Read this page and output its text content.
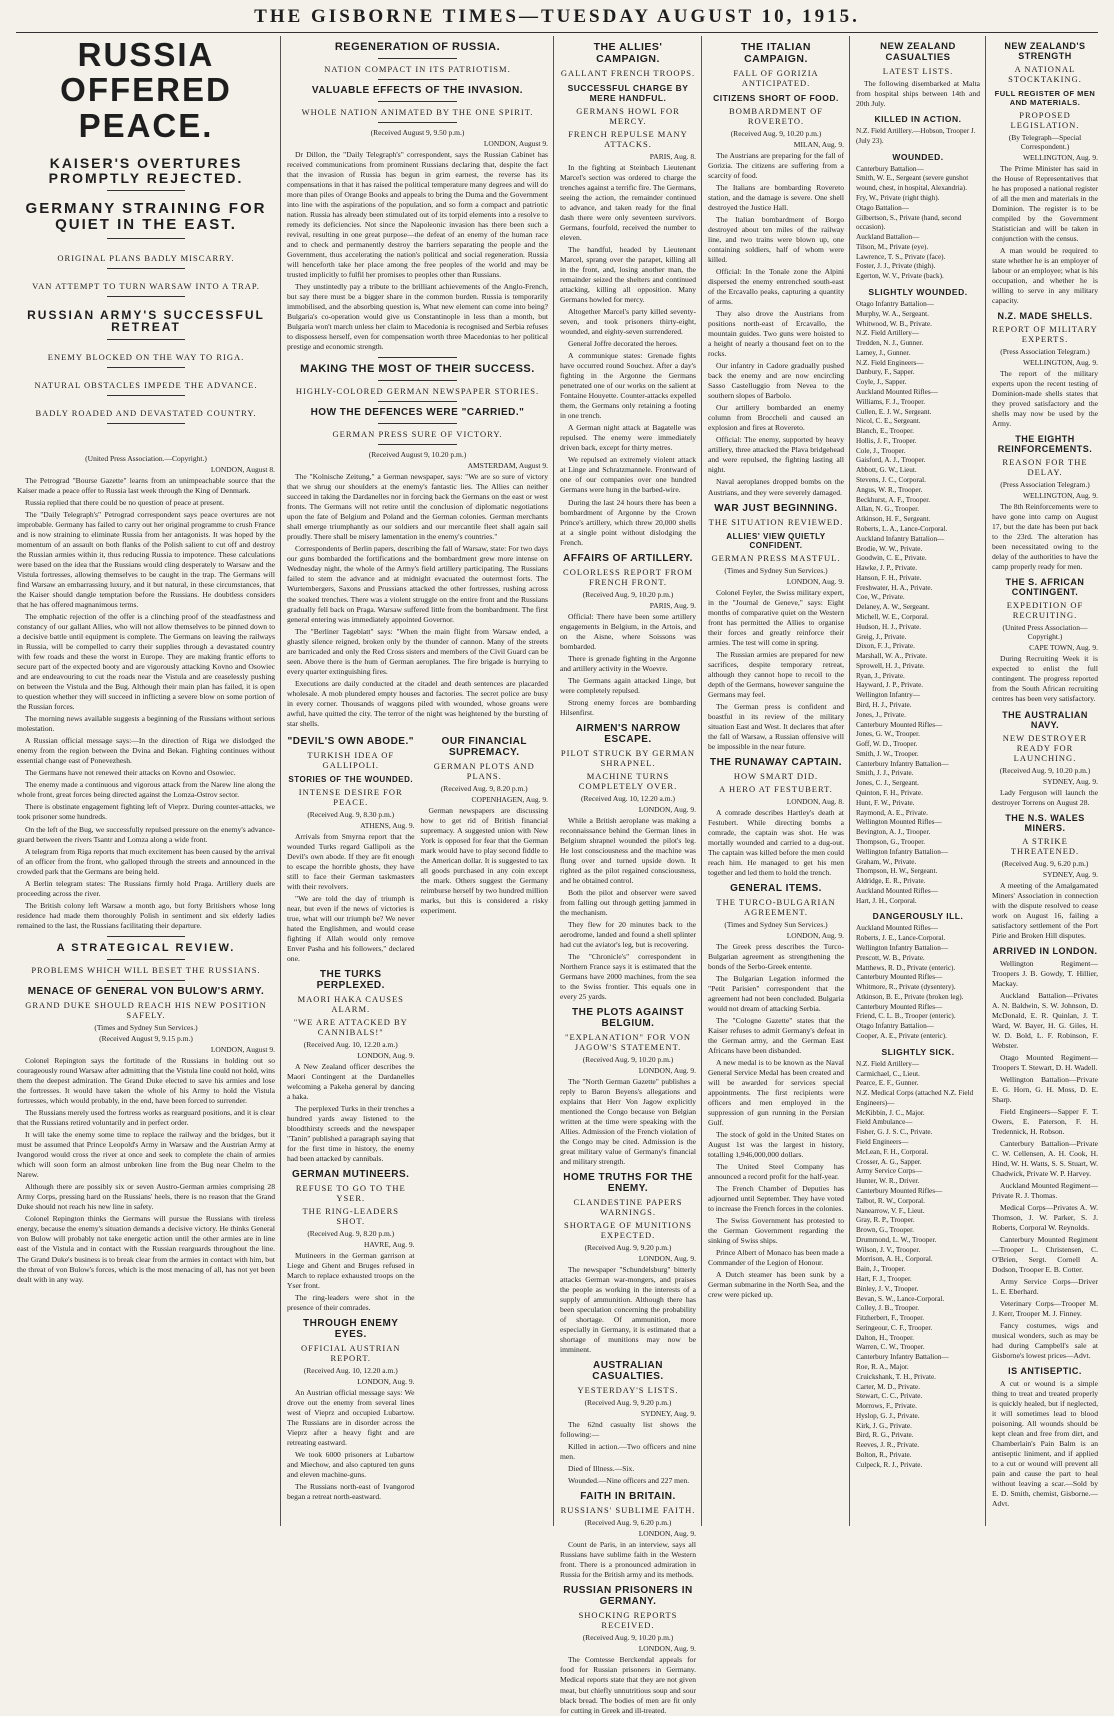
THE GISBORNE TIMES—TUESDAY AUGUST 10, 1915.
RUSSIA OFFERED
PEACE.
KAISER'S OVERTURES PROMPTLY REJECTED.
GERMANY STRAINING FOR QUIET IN THE EAST.
ORIGINAL PLANS BADLY MISCARRY.
VAN ATTEMPT TO TURN WARSAW INTO A TRAP.
RUSSIAN ARMY'S SUCCESSFUL RETREAT
ENEMY BLOCKED ON THE WAY TO RIGA.
NATURAL OBSTACLES IMPEDE THE ADVANCE.
BADLY ROADED AND DEVASTATED COUNTRY.
(United Press Association.—Copyright.)
LONDON, August 8.

The Petrograd "Bourse Gazette" learns from an unimpeachable source that the Kaiser made a peace offer to Russia last week through the King of Denmark.

Russia replied that there could be no question of peace at present.

The "Daily Telegraph's" Petrograd correspondent says peace overtures are not improbable. Germany has failed to carry out her original programme to crush France and is now straining to eliminate Russia from her antagonists. It was hoped by the momentum of an assault on both flanks of the Polish salient to cut off and destroy the Russian armies within it, thus reducing Russia to impotence. These calculations were based on the idea that the Russians would cling desperately to Warsaw and the Vistula fortresses, allowing themselves to be caught in the trap. The Germans will find Warsaw an embarrassing luxury, and it but natural, in these circumstances, that the Kaiser should dangle temptation before the Russians. He doubtless considers that he has offered magnanimous terms.

The emphatic rejection of the offer is a clinching proof of the steadfastness and constancy of our gallant Allies, who will not allow themselves to be pinned down to a decisive battle until equipment is complete. The Germans on leaving the railways in Russia, will be compelled to carry their supplies through a devastated country with few roads and these the worst in Europe. They are making frantic efforts to secure part of the expected booty and are vigorously attacking Kovno and Osowiec and are endeavouring to cut the roads near the Vistula and are ceaselessly pushing on between the Vistula and the Bug. Although their main plan has failed, it is open to question whether they will succeed in inflicting a severe blow on some portion of the Russian forces.

The morning news available suggests a beginning of the Russians without serious molestation.

A Russian official message says:—In the direction of Riga we dislodged the enemy from the region between the Dvina and Bekan. Fighting continues without essential change east of Ponevezhesh.

The Germans have not renewed their attacks on Kovno and Osowiec.

The enemy made a continuous and vigorous attack from the Narew line along the whole front, great forces being directed against the Lomza-Ostrov sector.

There is obstinate engagement fighting left of Vieprz. During counter-attacks, we took prisoner some hundreds.

On the left of the Bug, we successfully repulsed pressure on the enemy's advance-guard between the rivers Tsantr and Lomza along a wide front.

A telegram from Riga reports that much excitement has been caused by the arrival of an officer from the front, who galloped through the streets and announced in the crowded park that the Germans are being held.

A Berlin telegram states: The Russians firmly hold Praga. Artillery duels are proceeding across the river.

The British colony left Warsaw a month ago, but forty Britishers whose long residence had made them thoroughly Polish in sentiment and six elderly ladies remained to the last, the Russians facilitating their departure.

A STRATEGICAL REVIEW.
PROBLEMS WHICH WILL BESET THE RUSSIANS.
MENACE OF GENERAL VON BULOW'S ARMY.
GRAND DUKE SHOULD REACH HIS NEW POSITION SAFELY.
(Times and Sydney Sun Services.)
(Received August 9, 9.15 p.m.)
LONDON, August 9.

Colonel Repington says the fortitude of the Russians in holding out so courageously round Warsaw after admitting that the Vistula line could not hold, wins them the deepest admiration. The Grand Duke elected to save his armies and lose the fortresses. It would have taken the whole of his Army to hold the Vistula fortresses, which would probably, in the end, have been forced to surrender.

The Russians merely used the fortress works as rearguard positions, and it is clear that the Russians retired voluntarily and in perfect order.

It will take the enemy some time to replace the railway and the bridges, but it must be assumed that Prince Leopold's Army in Warsaw and the Austrian Army at Ivangorod would cross the river at once and seek to complete the chain of armies which will soon form an almost unbroken line from the Bug near Chelm to the Narew.

Although there are possibly six or seven Austro-German armies comprising 28 Army Corps, pressing hard on the Russians' heels, there is no reason that the Grand Duke should not reach his new line in safety.

Colonel Repington thinks the Germans will pursue the Russians with tireless energy, because the enemy's situation demands a decisive victory. He thinks General von Bulow will probably not take energetic action until the other armies are in line east of the Vistula and in contact with the Russian rearguards throughout the line. The Grand Duke's business is to break clear from the armies in contact with him, but the threat of von Bulow's forces, which is the most menacing of all, has not yet been dealt with in any way.

REGENERATION OF RUSSIA.
NATION COMPACT IN ITS PATRIOTISM.
VALUABLE EFFECTS OF THE INVASION.
WHOLE NATION ANIMATED BY THE ONE SPIRIT.
(Received August 9, 9.50 p.m.)
LONDON, August 9.

Dr Dillon, the "Daily Telegraph's" correspondent, says the Russian Cabinet has received communications from prominent Russians declaring that, despite the fact that the invasion of Russia has begun in grim earnest, the reverse has its compensations in that it has raised the political temperature many degrees and will do more than piles of Orange Books and appeals to bring the Duma and the Government into line with the aspirations of the population, and so form a compact and patriotic nation. Russia has already been stimulated out of its torpid elements into a resolve to remedy its deficiencies. Not since the Napoleonic invasion has there been such a revival, resulting in one great purpose—the defeat of an enemy of the human race and to check and permanently destroy the barriers separating the people and the Government, thus accelerating the nation's political and social regeneration. Russia will henceforth take her place among the free peoples of the world and may be trusted implicitly to fulfil her promises to peoples other than Russians.

They unstintedly pay a tribute to the brilliant achievements of the Anglo-French, but say there must be a bigger share in the common burden. Russia is temporarily immobilised, and the absorbing question is, What new element can come into being? Bulgaria's co-operation would give us Constantinople in less than a month, but Bulgaria won't march unless her claim to Macedonia is recognised and Serbia refuses to dispossess herself, even for compensation worth three Macedonias to her political prestige and economic strength.

MAKING THE MOST OF THEIR SUCCESS.
HIGHLY-COLORED GERMAN NEWSPAPER STORIES.
HOW THE DEFENCES WERE "CARRIED."
GERMAN PRESS SURE OF VICTORY.
(Received August 9, 10.20 p.m.)
AMSTERDAM, August 9.

The "Kolnische Zeitung," a German newspaper, says: "We are so sure of victory that we shrug our shoulders at the enemy's fantastic lies. The Allies can neither succeed in taking the Dardanelles nor in forcing back the Germans on the east or west fronts. The Germans will not retire until the conclusion of diplomatic negotiations upon the fate of Belgium and Poland and the German colonies. German merchants shall emerge triumphantly as our soldiers and our mercantile fleet shall again sail proudly. There shall be misery lamentation in the enemy's countries."

Correspondents of Berlin papers, describing the fall of Warsaw, state: For two days our guns bombarded the fortifications and the bombardment grew more intense on Wednesday night, the whole of the Army's field artillery participating. The Russians failed to stem the advance and at midnight evacuated the outermost forts. The Wurtembergers, Saxons and Prussians attacked the other fortresses, rushing across the soaked trenches. There was a violent struggle on the entire front and the Russians gradually fell back on Praga. Warsaw suffered little from the bombardment. The first general entering was immediately appointed Governor.

The "Berliner Tageblatt" says: "When the main flight from Warsaw ended, a ghastly silence reigned, broken only by the thunder of cannon. Many of the streets are barricaded and only the Red Cross sisters and members of the Civil Guard can be seen. Above there is the hum of German aeroplanes. The fire brigade is hurrying to every quarter extinguishing fires.

Executions are daily conducted at the citadel and death sentences are placarded wholesale. A mob plundered empty houses and factories. The secret police are busy in every corner. Thousands of waggons piled with wounded, whose groans were awful, have quitted the city. The terror of the night was heightened by the bursting of star shells.

"DEVIL'S OWN ABODE."
TURKISH IDEA OF GALLIPOLI.
STORIES OF THE WOUNDED.
INTENSE DESIRE FOR PEACE.
(Received Aug. 9, 8.30 p.m.)
ATHENS, Aug. 9.

Arrivals from Smyrna report that the wounded Turks regard Gallipoli as the Devil's own abode. If they are fit enough to escape the horrible ghosts, they have still to face their German taskmasters with their revolvers.

"We are told the day of triumph is near, but even if the news of victories is true, what will our triumph be? We never hated the Englishmen, and would cease fighting if Allah would only remove Enver Pasha and his followers," declared one.

THE TURKS PERPLEXED.
MAORI HAKA CAUSES ALARM.
"WE ARE ATTACKED BY CANNIBALS!"
(Received Aug. 10, 12.20 a.m.)
LONDON, Aug. 9.

A New Zealand officer describes the Maori Contingent at the Dardanelles welcoming a Pakeha general by dancing a haka.

The perplexed Turks in their trenches a hundred yards away listened to the bloodthirsty screeds and the newspaper "Tanin" published a paragraph saying that for the first time in history, the enemy had been attacked by cannibals.

GERMAN MUTINEERS.
REFUSE TO GO TO THE YSER.
THE RING-LEADERS SHOT.
(Received Aug. 9, 8.20 p.m.)
HAVRE, Aug. 9.

Mutineers in the German garrison at Liege and Ghent and Bruges refused in March to replace exhausted troops on the Yser front.

The ring-leaders were shot in the presence of their comrades.

THROUGH ENEMY EYES.
OFFICIAL AUSTRIAN REPORT.
(Received Aug. 10, 12.20 a.m.)
LONDON, Aug. 9.

An Austrian official message says: We drove out the enemy from several lines west of Vieprz and occupied Lubartow. The Russians are in disorder across the Vieprz after a heavy fight and are retreating eastward.

We took 6000 prisoners at Lubartow and Miechow, and also captured ten guns and eleven machine-guns.

The Russians north-east of Ivangorod began a retreat north-eastward.

OUR FINANCIAL SUPREMACY.
GERMAN PLOTS AND PLANS.
(Received Aug. 9, 8.20 p.m.)
COPENHAGEN, Aug. 9.

German newspapers are discussing how to get rid of British financial supremacy. A suggested union with New York is opposed for fear that the German mark would have to play second fiddle to the American dollar. It is suggested to tax all goods purchased in any coin except the mark. Others suggest the Germany reimburse herself by two hundred million marks, but this is considered a risky experiment.

THE ALLIES' CAMPAIGN.
GALLANT FRENCH TROOPS.
SUCCESSFUL CHARGE BY MERE HANDFUL.
GERMANS HOWL FOR MERCY.
FRENCH REPULSE MANY ATTACKS.
PARIS, Aug. 8.

In the fighting at Steinbach Lieutenant Marcel's section was ordered to charge the trenches against a terrific fire. The Germans, seeing the action, the remainder continued to advance, and taken ready for the final dash there were only seventeen survivors. Germans, fourfold, received the number to eleven.

The handful, headed by Lieutenant Marcel, sprang over the parapet, killing all in the front, and, losing another man, the remainder seized the shelters and continued attacking, killing all opposition. Many Germans howled for mercy.

Altogether Marcel's party killed seventy-seven, and took prisoners thirty-eight, wounded, and eighty-seven surrendered.

General Joffre decorated the heroes.

A communique states: Grenade fights have occurred round Souchez. After a day's fighting in the Argonne the Germans penetrated one of our works on the salient at Fontaine Houyette. Counter-attacks expelled them, the Germans only retaining a footing in one trench.

A German night attack at Bagatelle was repulsed. The enemy were immediately driven back, except for thirty metres.

We repulsed an extremely violent attack at Linge and Schratzmannele. Frontward of one of our companies over one hundred Germans were hung in the barbed-wire.

During the last 24 hours there has been a bombardment of Argonne by the Crown Prince's artillery, which threw 20,000 shells at a single point without dislodging the French.

AFFAIRS OF ARTILLERY.
COLORLESS REPORT FROM FRENCH FRONT.
(Received Aug. 9, 10.20 p.m.)
PARIS, Aug. 9.

Official: There have been some artillery engagements in Belgium, in the Artois, and on the Aisne, where Soissons was bombarded.

There is grenade fighting in the Argonne and artillery activity in the Woevre.

The Germans again attacked Linge, but were completely repulsed.

Strong enemy forces are bombarding Hilsenfirst.

AIRMEN'S NARROW ESCAPE.
PILOT STRUCK BY GERMAN SHRAPNEL.
MACHINE TURNS COMPLETELY OVER.
(Received Aug. 10, 12.20 a.m.)
LONDON, Aug. 9.

While a British aeroplane was making a reconnaissance behind the German lines in Belgium shrapnel wounded the pilot's leg. He lost consciousness and the machine was flung over and turned upside down. It righted as the pilot regained consciousness, and he obtained control.

Both the pilot and observer were saved from falling out through getting jammed in the mechanism.

They flew for 20 minutes back to the aerodrome, landed and found a shell splinter had cut the aviator's leg, but is recovering.

The "Chronicle's" correspondent in Northern France says it is estimated that the Germans have 2000 machines, from the sea to the Swiss frontier. This equals one in every 25 yards.

THE PLOTS AGAINST BELGIUM.
"EXPLANATION" FOR VON JAGOW'S STATEMENT.
(Received Aug. 9, 10.20 p.m.)
LONDON, Aug. 9.

The "North German Gazette" publishes a reply to Baron Beyens's allegations and explains that Herr Von Jagow explicitly mentioned the Congo because von Belgian written at the time were speaking with the Allies. Admission of the French violation of the Congo may be cited. Admission is the great military value of Germany's financial and military strength.

HOME TRUTHS FOR THE ENEMY.
CLANDESTINE PAPERS WARNINGS.
SHORTAGE OF MUNITIONS EXPECTED.
(Received Aug. 9, 9.20 p.m.)
LONDON, Aug. 9.

The newspaper "Schundelsburg" bitterly attacks German war-mongers, and praises the people as working in the interests of a supply of ammunition. Although there has been speculation concerning the probability of shortage. Of ammunition, more especially in Germany, it is estimated that a shortage of munitions may now be imminent.

AUSTRALIAN CASUALTIES.
YESTERDAY'S LISTS.
(Received Aug. 9, 9.20 p.m.)
SYDNEY, Aug. 9.

The 62nd casualty list shows the following:—

Killed in action.—Two officers and nine men.

Died of Illness.—Six.

Wounded.—Nine officers and 227 men.

FAITH IN BRITAIN.
RUSSIANS' SUBLIME FAITH.
(Received Aug. 9, 6.20 p.m.)
LONDON, Aug. 9.

Count de Paris, in an interview, says all Russians have sublime faith in the Western front. There is a pronounced admiration in Russia for the British army and its methods.

RUSSIAN PRISONERS IN GERMANY.
SHOCKING REPORTS RECEIVED.
(Received Aug. 9, 10.20 p.m.)
LONDON, Aug. 9.

The Comtesse Berckendal appeals for food for Russian prisoners in Germany. Medical reports state that they are not given meat, but chiefly unnutritious soup and sour black bread. The bodies of men are fit only for cutting in Greek and ill-treated.

THE ITALIAN CAMPAIGN.
FALL OF GORIZIA ANTICIPATED.
CITIZENS SHORT OF FOOD.
BOMBARDMENT OF ROVERETO.
(Received Aug. 9, 10.20 p.m.)
MILAN, Aug. 9.

The Austrians are preparing for the fall of Gorizia. The citizens are suffering from a scarcity of food.

The Italians are bombarding Rovereto station, and the damage is severe. One shell destroyed the Justice Hall.

The Italian bombardment of Borgo destroyed about ten miles of the railway line, and two trains were blown up, one containing soldiers, half of whom were killed.

Official: In the Tonale zone the Alpini dispersed the enemy entrenched south-east of the Ercavallo peaks, capturing a quantity of arms.

They also drove the Austrians from positions north-east of Ercavallo, the mountain guides. Two guns were hoisted to a height of nearly a thousand feet on to the rocks.

Our infantry in Cadore gradually pushed back the enemy and are now encircling Sasso Castelluggio from Nevea to the southern slopes of Barbolo.

Our artillery bombarded an enemy column from Broccheli and caused an explosion and fires at Rovereto.

Official: The enemy, supported by heavy artillery, three attacked the Plava bridgehead and were repulsed, the fighting lasting all night.

Naval aeroplanes dropped bombs on the Austrians, and they were severely damaged.

WAR JUST BEGINNING.
THE SITUATION REVIEWED.
ALLIES' VIEW QUIETLY CONFIDENT.
GERMAN PRESS MASTFUL.
(Times and Sydney Sun Services.)
LONDON, Aug. 9.

Colonel Feyler, the Swiss military expert, in the "Journal de Geneve," says: Eight months of comparative quiet on the Western front has permitted the Allies to organise their forces and greatly reinforce their armies. The test will come in spring.

The Russian armies are prepared for new sacrifices, despite temporary retreat, although they cannot hope to recoil to the depth of the Germans, however sanguine the Germans may feel.

The German press is confident and boastful in its review of the military situation East and West. It declares that after the fall of Warsaw, a Russian offensive will be impossible in the near future.

THE RUNAWAY CAPTAIN.
HOW SMART DID.
A HERO AT FESTUBERT.
LONDON, Aug. 8.

A comrade describes Hartley's death at Festubert. While directing bombs a comrade, the captain was shot. He was mortally wounded and carried to a dug-out. The captain was killed before the men could reach him. He managed to get his men together and led them to hold the trench.

GENERAL ITEMS.
THE TURCO-BULGARIAN AGREEMENT.
(Times and Sydney Sun Services.)
LONDON, Aug. 9.

The Greek press describes the Turco-Bulgarian agreement as strengthening the bonds of the Serbo-Greek entente.

The Bulgarian Legation informed the "Petit Parisien" correspondent that the agreement had not been concluded. Bulgaria would not dream of attacking Serbia.

The "Cologne Gazette" states that the Kaiser refuses to admit Germany's defeat in the German army, and the German East Africans have been disbanded.

A new medal is to be known as the Naval General Service Medal has been created and will be awarded for services special appointments. The first recipients were officers and men employed in the suppression of gun running in the Persian Gulf.

The stock of gold in the United States on August 1st was the largest in history, totalling 1,946,000,000 dollars.

The United Steel Company has announced a record profit for the half-year.

The French Chamber of Deputies has adjourned until September. They have voted to increase the French forces in the colonies.

The Swiss Government has protested to the German Government regarding the sinking of Swiss ships.

Prince Albert of Monaco has been made a Commander of the Legion of Honour.

A Dutch steamer has been sunk by a German submarine in the North Sea, and the crew were picked up.

NEW ZEALAND CASUALTIES
LATEST LISTS.

The following disembarked at Malta from hospital ships between 14th and 20th July.

KILLED IN ACTION.

N.Z. Field Artillery.—Hobson, Trooper J. (July 23).

WOUNDED.

Canterbury Battalion—

Smith, W. E., Sergeant (severe gunshot wound, chest, in hospital, Alexandria).

Fry, W., Private (right thigh).

Otago Battalion—

Gilbertson, S., Private (hand, second occasion).

Auckland Battalion—

Tilson, M., Private (eye).

Lawrence, T. S., Private (face).

Foster, J. J., Private (thigh).

Egerton, W. V., Private (back).

SLIGHTLY WOUNDED.

Otago Infantry Battalion—

Murphy, W. A., Sergeant.

Whitwood, W. B., Private.

N.Z. Field Artillery—

Tredden, N. J., Gunner.

Lamey, J., Gunner.

N.Z. Field Engineers—

Danbury, F., Sapper.

Coyle, J., Sapper.

Auckland Mounted Rifles—

Williams, F. J., Trooper.

Cullen, E. J. W., Sergeant.

Nicol, C. E., Sergeant.

Blanch, E., Trooper.

Hollis, J. F., Trooper.

Cole, J., Trooper.

Gaisford, A. J., Trooper.

Abbott, G. W., Lieut.

Stevens, J. C., Corporal.

Angus, W. R., Trooper.

Beckhurst, A. F., Trooper.

Allan, N. G., Trooper.

Atkinson, H. F., Sergeant.

Roberts, L. A., Lance-Corporal.

Auckland Infantry Battalion—

Brodie, W. W., Private.

Goodwin, C. E., Private.

Hawke, J. P., Private.

Hanson, F. H., Private.

Freshwater, H. A., Private.

Coe, W., Private.

Delaney, A. W., Sergeant.

Michell, W. E., Corporal.

Hudson, H. J., Private.

Greig, J., Private.

Dixon, F. J., Private.

Marshall, W. A., Private.

Sprowell, H. J., Private.

Ryan, J., Private.

Hayward, J. P., Private.

Wellington Infantry—

Bird, H. J., Private.

Jones, J., Private.

Canterbury Mounted Rifles—

Jones, G. W., Trooper.

Goff, W. D., Trooper.

Smith, J. W., Trooper.

Canterbury Infantry Battalion—

Smith, J. J., Private.

Jones, C. J., Sergeant.

Quinton, F. H., Private.

Hunt, F. W., Private.

Raymond, A. E., Private.

Wellington Mounted Rifles—

Bevington, A. J., Trooper.

Thompson, G., Trooper.

Wellington Infantry Battalion—

Graham, W., Private.

Thompson, H. W., Sergeant.

Aldridge, E. R., Private.

Auckland Mounted Rifles—

Hart, J. H., Corporal.

DANGEROUSLY ILL.

Auckland Mounted Rifles—

Roberts, J. E., Lance-Corporal.

Wellington Infantry Battalion—

Prescott, W. B., Private.

Matthews, R. D., Private (enteric).

Canterbury Mounted Rifles—

Whitmore, R., Private (dysentery).

Atkinson, B. E., Private (broken leg).

Canterbury Mounted Rifles—

Friend, C. L. B., Trooper (enteric).

Otago Infantry Battalion—

Cooper, A. E., Private (enteric).

SLIGHTLY SICK.

N.Z. Field Artillery—

Carmichael, C., Lieut.

Pearce, E. F., Gunner.

N.Z. Medical Corps (attached N.Z. Field Engineers)—

McKibbin, J. C., Major.

Field Ambulance—

Fisher, G. J. S. C., Private.

Field Engineers—

McLean, F. H., Corporal.

Crosser, A. G., Sapper.

Army Service Corps—

Hunter, W. R., Driver.

Canterbury Mounted Rifles—

Talbot, R. W., Corporal.

Nanearrow, V. F., Lieut.

Gray, R. P., Trooper.

Brown, G., Trooper.

Drummond, L. W., Trooper.

Wilson, J. V., Trooper.

Morrison, A. H., Corporal.

Bain, J., Trooper.

Hart, F. J., Trooper.

Binley, J. V., Trooper.

Bevan, S. W., Lance-Corporal.

Colley, J. B., Trooper.

Fitzherbert, F., Trooper.

Seringeour, C. F., Trooper.

Dalton, H., Trooper.

Warren, C. W., Trooper.

Canterbury Infantry Battalion—

Roe, R. A., Major.

Cruickshank, T. H., Private.

Carter, M. D., Private.

Stewart, C. C., Private.

Morrows, F., Private.

Hyslop, G. J., Private.

Kirk, J. G., Private.

Bird, R. G., Private.

Reeves, J. R., Private.

Bolton, R., Private.

Culpeck, R. J., Private.

NEW ZEALAND'S STRENGTH
A NATIONAL STOCKTAKING.
FULL REGISTER OF MEN AND MATERIALS.
PROPOSED LEGISLATION.
(By Telegraph—Special Correspondent.)
WELLINGTON, Aug. 9.

The Prime Minister has said in the House of Representatives that he has proposed a national register of all the men and materials in the Dominion. The register is to be compiled by the Government Statistician and will be taken in conjunction with the census.

A man would be required to state whether he is an employer of labour or an employee; what is his occupation, and whether he is willing to serve in any military capacity.

N.Z. MADE SHELLS.
REPORT OF MILITARY EXPERTS.
(Press Association Telegram.)
WELLINGTON, Aug. 9.

The report of the military experts upon the recent testing of Dominion-made shells states that they proved satisfactory and the shells may now be used by the Army.

THE EIGHTH REINFORCEMENTS.
REASON FOR THE DELAY.
(Press Association Telegram.)
WELLINGTON, Aug. 9.

The 8th Reinforcements were to have gone into camp on August 17, but the date has been put back to the 23rd. The alteration has been necessitated owing to the delay of the authorities to have the camp properly ready for men.

THE S. AFRICAN CONTINGENT.
EXPEDITION OF RECRUITING.
(United Press Association—Copyright.)
CAPE TOWN, Aug. 9.

During Recruiting Week it is expected to enlist the full contingent. The progress reported from the South African recruiting centres has been very satisfactory.

THE AUSTRALIAN NAVY.
NEW DESTROYER READY FOR LAUNCHING.
(Received Aug. 9, 10.20 p.m.)
SYDNEY, Aug. 9.

Lady Ferguson will launch the destroyer Torrens on August 28.

THE N.S. WALES MINERS.
A STRIKE THREATENED.
(Received Aug. 9, 6.20 p.m.)
SYDNEY, Aug. 9.

A meeting of the Amalgamated Miners' Association in connection with the dispute resolved to cease work on August 16, failing a satisfactory settlement of the Port Pirie and Broken Hill disputes.

ARRIVED IN LONDON.

Wellington Regiment—Troopers J. B. Gowdy, T. Hillier, Mackay.

Auckland Battalion—Privates A. N. Baldwin, S. W. Johnson, D. McDonald, E. R. Quinlan, J. T. Ward, W. Bayer, H. G. Giles, H. W. D. Bold, L. F. Robinson, F. Webster.

Otago Mounted Regiment—Troopers T. Stewart, D. H. Wadell.

Wellington Battalion—Private E. G. Horn, G. H. Moss, D. E. Sharp.

Field Engineers—Sapper F. T. Owers, E. Paterson, F. H. Tredennick, H. Robson.

Canterbury Battalion—Private C. W. Cellensen, A. H. Cook, H. Hind, W. H. Watts, S. S. Stuart, W. Chadwick, Private W. P. Harvey.

Auckland Mounted Regiment—Private R. J. Thomas.

Medical Corps—Privates A. W. Thomson, J. W. Parker, S. J. Roberts, Corporal W. Reynolds.

Canterbury Mounted Regiment—Trooper L. Christensen, C. O'Brien, Sergt. Cornell A. Dodson, Trooper E. B. Cotter.

Army Service Corps—Driver L. E. Eberhard.

Veterinary Corps—Trooper M. J. Kerr, Trooper M. J. Finney.

Fancy costumes, wigs and musical wonders, such as may be had during Campbell's sale at Gisborne's lowest prices—Advt.

IS ANTISEPTIC.

A cut or wound is a simple thing to treat and treated properly is quickly healed, but if neglected, it will sometimes lead to blood poisoning. All wounds should be kept clean and free from dirt, and Chamberlain's Pain Balm is an antiseptic liniment, and if applied to a cut or wound will prevent all pain and cause the part to heal without leaving a scar.—Sold by E. D. Smith, chemist, Gisborne.—Advt.
